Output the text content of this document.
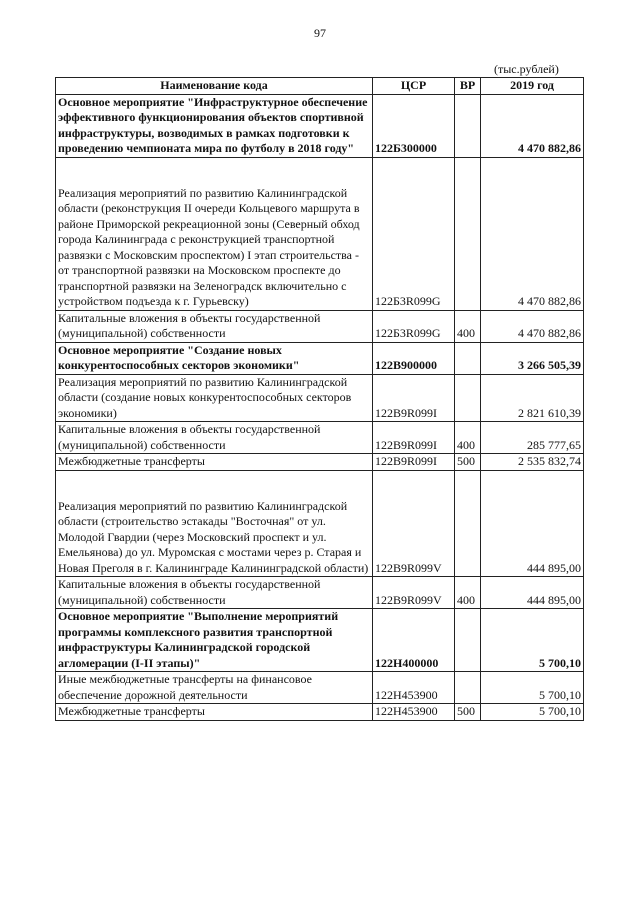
97
(тыс.рублей)
Наименование кода	ЦСР	ВР	2019 год
Основное мероприятие "Инфраструктурное обеспечение эффективного функционирования объектов спортивной инфраструктуры, возводимых в рамках подготовки к проведению чемпионата мира по футболу в 2018 году"	122Б300000		4 470 882,86
Реализация мероприятий по развитию Калининградской области (реконструкция II очереди Кольцевого маршрута в районе Приморской рекреационной зоны (Северный обход города Калининграда с реконструкцией транспортной развязки с Московским проспектом) I этап строительства - от транспортной развязки на Московском проспекте до транспортной развязки на Зеленоградск включительно с устройством подъезда к г. Гурьевску)	122Б3R099G		4 470 882,86
Капитальные вложения в объекты государственной (муниципальной) собственности	122Б3R099G	400	4 470 882,86
Основное мероприятие "Создание новых конкурентоспособных секторов экономики"	122В900000		3 266 505,39
Реализация мероприятий по развитию Калининградской области (создание новых конкурентоспособных секторов экономики)	122В9R099I		2 821 610,39
Капитальные вложения в объекты государственной (муниципальной) собственности	122В9R099I	400	285 777,65
Межбюджетные трансферты	122В9R099I	500	2 535 832,74
Реализация мероприятий по развитию Калининградской области (строительство эстакады "Восточная" от ул. Молодой Гвардии (через Московский проспект и ул. Емельянова) до ул. Муромская с мостами через р. Старая и Новая Преголя в г. Калининграде Калининградской области)	122В9R099V		444 895,00
Капитальные вложения в объекты государственной (муниципальной) собственности	122В9R099V	400	444 895,00
Основное мероприятие "Выполнение мероприятий программы комплексного развития транспортной инфраструктуры Калининградской городской агломерации (I-II этапы)"	122Н400000		5 700,10
Иные межбюджетные трансферты на финансовое обеспечение дорожной деятельности	122Н453900		5 700,10
Межбюджетные трансферты	122Н453900	500	5 700,10
